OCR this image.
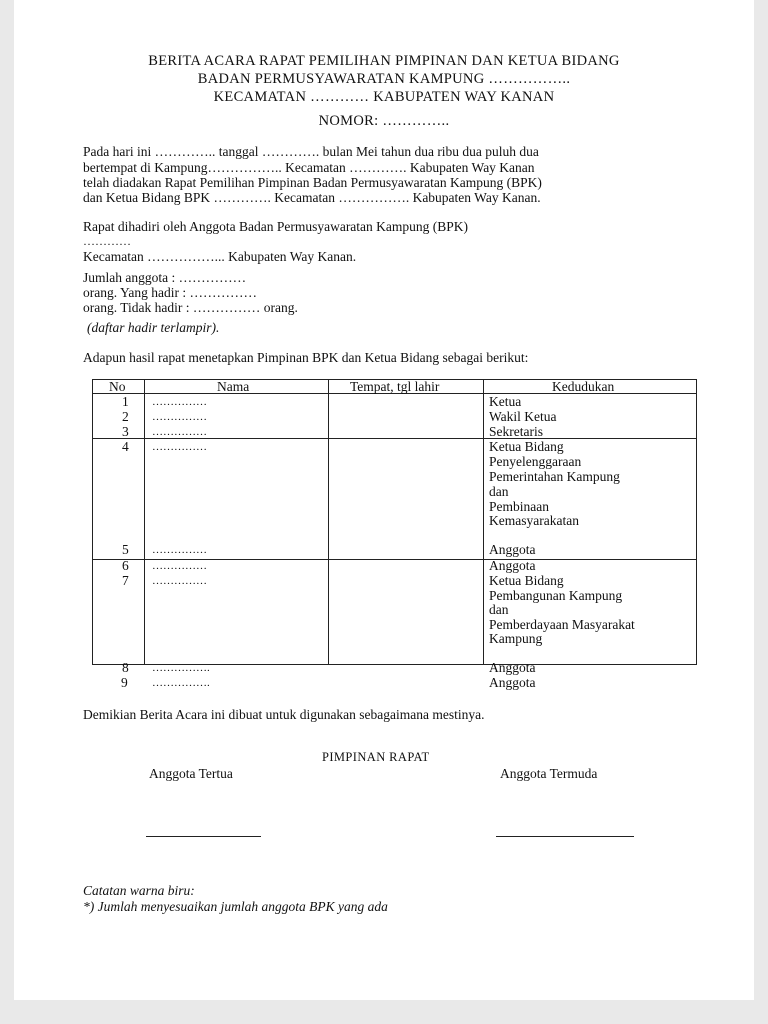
BERITA ACARA RAPAT PEMILIHAN PIMPINAN DAN KETUA BIDANG
BADAN PERMUSYAWARATAN KAMPUNG ……………..
KECAMATAN ………… KABUPATEN WAY KANAN
NOMOR: …………..
Pada hari ini ………….. tanggal …………. bulan Mei tahun dua ribu dua puluh dua
bertempat di Kampung…………….. Kecamatan …………. Kabupaten Way Kanan
telah diadakan Rapat Pemilihan Pimpinan Badan Permusyawaratan Kampung (BPK)
dan Ketua Bidang BPK …………. Kecamatan ……………. Kabupaten Way Kanan.
Rapat dihadiri oleh Anggota Badan Permusyawaratan Kampung (BPK)
…………
Kecamatan ……………... Kabupaten Way Kanan.
Jumlah anggota : ……………
orang. Yang hadir : ……………
orang. Tidak hadir : …………… orang.
(daftar hadir terlampir).
Adapun hasil rapat menetapkan Pimpinan BPK dan Ketua Bidang sebagai berikut:
No	Nama	Tempat, tgl lahir	Kedudukan
1 ……………	Ketua
2 ……………	Wakil Ketua
3 ……………	Sekretaris
4 ……………	Ketua Bidang
Penyelenggaraan
Pemerintahan Kampung
dan
Pembinaan
Kemasyarakatan
5 ……………	Anggota
6 ……………	Anggota
7 ……………	Ketua Bidang
Pembangunan Kampung
dan
Pemberdayaan Masyarakat
Kampung
8 …………….	Anggota
9 …………….	Anggota
Demikian Berita Acara ini dibuat untuk digunakan sebagaimana mestinya.
PIMPINAN RAPAT
Anggota Tertua	Anggota Termuda
Catatan warna biru:
*) Jumlah menyesuaikan jumlah anggota BPK yang ada
